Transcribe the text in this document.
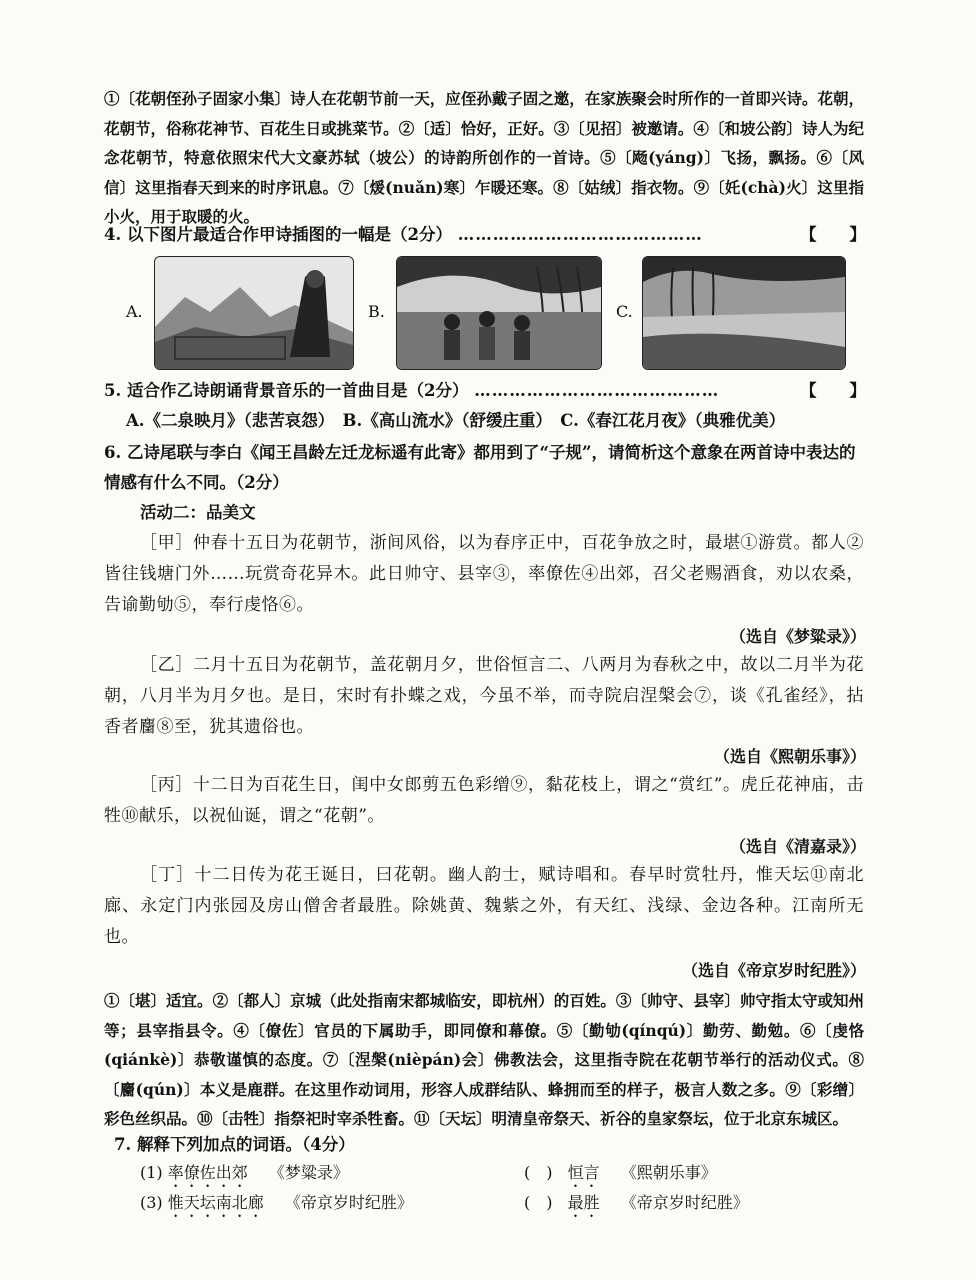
①〔花朝侄孙子固家小集〕诗人在花朝节前一天，应侄孙戴子固之邀，在家族聚会时所作的一首即兴诗。花朝，花朝节，俗称花神节、百花生日或挑菜节。②〔适〕恰好，正好。③〔见招〕被邀请。④〔和坡公韵〕诗人为纪念花朝节，特意依照宋代大文豪苏轼（坡公）的诗韵所创作的一首诗。⑤〔飏(yáng)〕飞扬，飘扬。⑥〔风信〕这里指春天到来的时序讯息。⑦〔煖(nuǎn)寒〕乍暖还寒。⑧〔姑绒〕指衣物。⑨〔奼(chà)火〕这里指小火，用于取暖的火。

4. 以下图片最适合作甲诗插图的一幅是（2分） ……………………………………	【　　】
A.	B.	C.
5. 适合作乙诗朗诵背景音乐的一首曲目是（2分） ……………………………………	【　　】

A.《二泉映月》（悲苦哀怨）　B.《高山流水》（舒缓庄重）　C.《春江花月夜》（典雅优美）

6. 乙诗尾联与李白《闻王昌龄左迁龙标遥有此寄》都用到了“子规”，请简析这个意象在两首诗中表达的情感有什么不同。（2分）

活动二：品美文

［甲］仲春十五日为花朝节，浙间风俗，以为春序正中，百花争放之时，最堪①游赏。都人②皆往钱塘门外……玩赏奇花异木。此日帅守、县宰③，率僚佐④出郊，召父老赐酒食，劝以农桑，告谕勤劬⑤，奉行虔恪⑥。

（选自《梦粱录》）

［乙］二月十五日为花朝节，盖花朝月夕，世俗恒言二、八两月为春秋之中，故以二月半为花朝，八月半为月夕也。是日，宋时有扑蝶之戏，今虽不举，而寺院启涅槃会⑦，谈《孔雀经》，拈香者麕⑧至，犹其遗俗也。

（选自《熙朝乐事》）

［丙］十二日为百花生日，闺中女郎剪五色彩缯⑨，黏花枝上，谓之“赏红”。虎丘花神庙，击牲⑩献乐，以祝仙诞，谓之“花朝”。

（选自《清嘉录》）

［丁］十二日传为花王诞日，曰花朝。幽人韵士，赋诗唱和。春早时赏牡丹，惟天坛⑪南北廊、永定门内张园及房山僧舍者最胜。除姚黄、魏紫之外，有天红、浅绿、金边各种。江南所无也。

（选自《帝京岁时纪胜》）

①〔堪〕适宜。②〔都人〕京城（此处指南宋都城临安，即杭州）的百姓。③〔帅守、县宰〕帅守指太守或知州等；县宰指县令。④〔僚佐〕官员的下属助手，即同僚和幕僚。⑤〔勤劬(qínqú)〕勤劳、勤勉。⑥〔虔恪(qiánkè)〕恭敬谨慎的态度。⑦〔涅槃(nièpán)会〕佛教法会，这里指寺院在花朝节举行的活动仪式。⑧〔麕(qún)〕本义是鹿群。在这里作动词用，形容人成群结队、蜂拥而至的样子，极言人数之多。⑨〔彩缯〕彩色丝织品。⑩〔击牲〕指祭祀时宰杀牲畜。⑪〔天坛〕明清皇帝祭天、祈谷的皇家祭坛，位于北京东城区。

7. 解释下列加点的词语。（4分）

(1) 率僚佐出郊 《梦粱录》	(　) 恒言 《熙朝乐事》
(3) 惟天坛南北廊 《帝京岁时纪胜》	(　) 最胜 《帝京岁时纪胜》
